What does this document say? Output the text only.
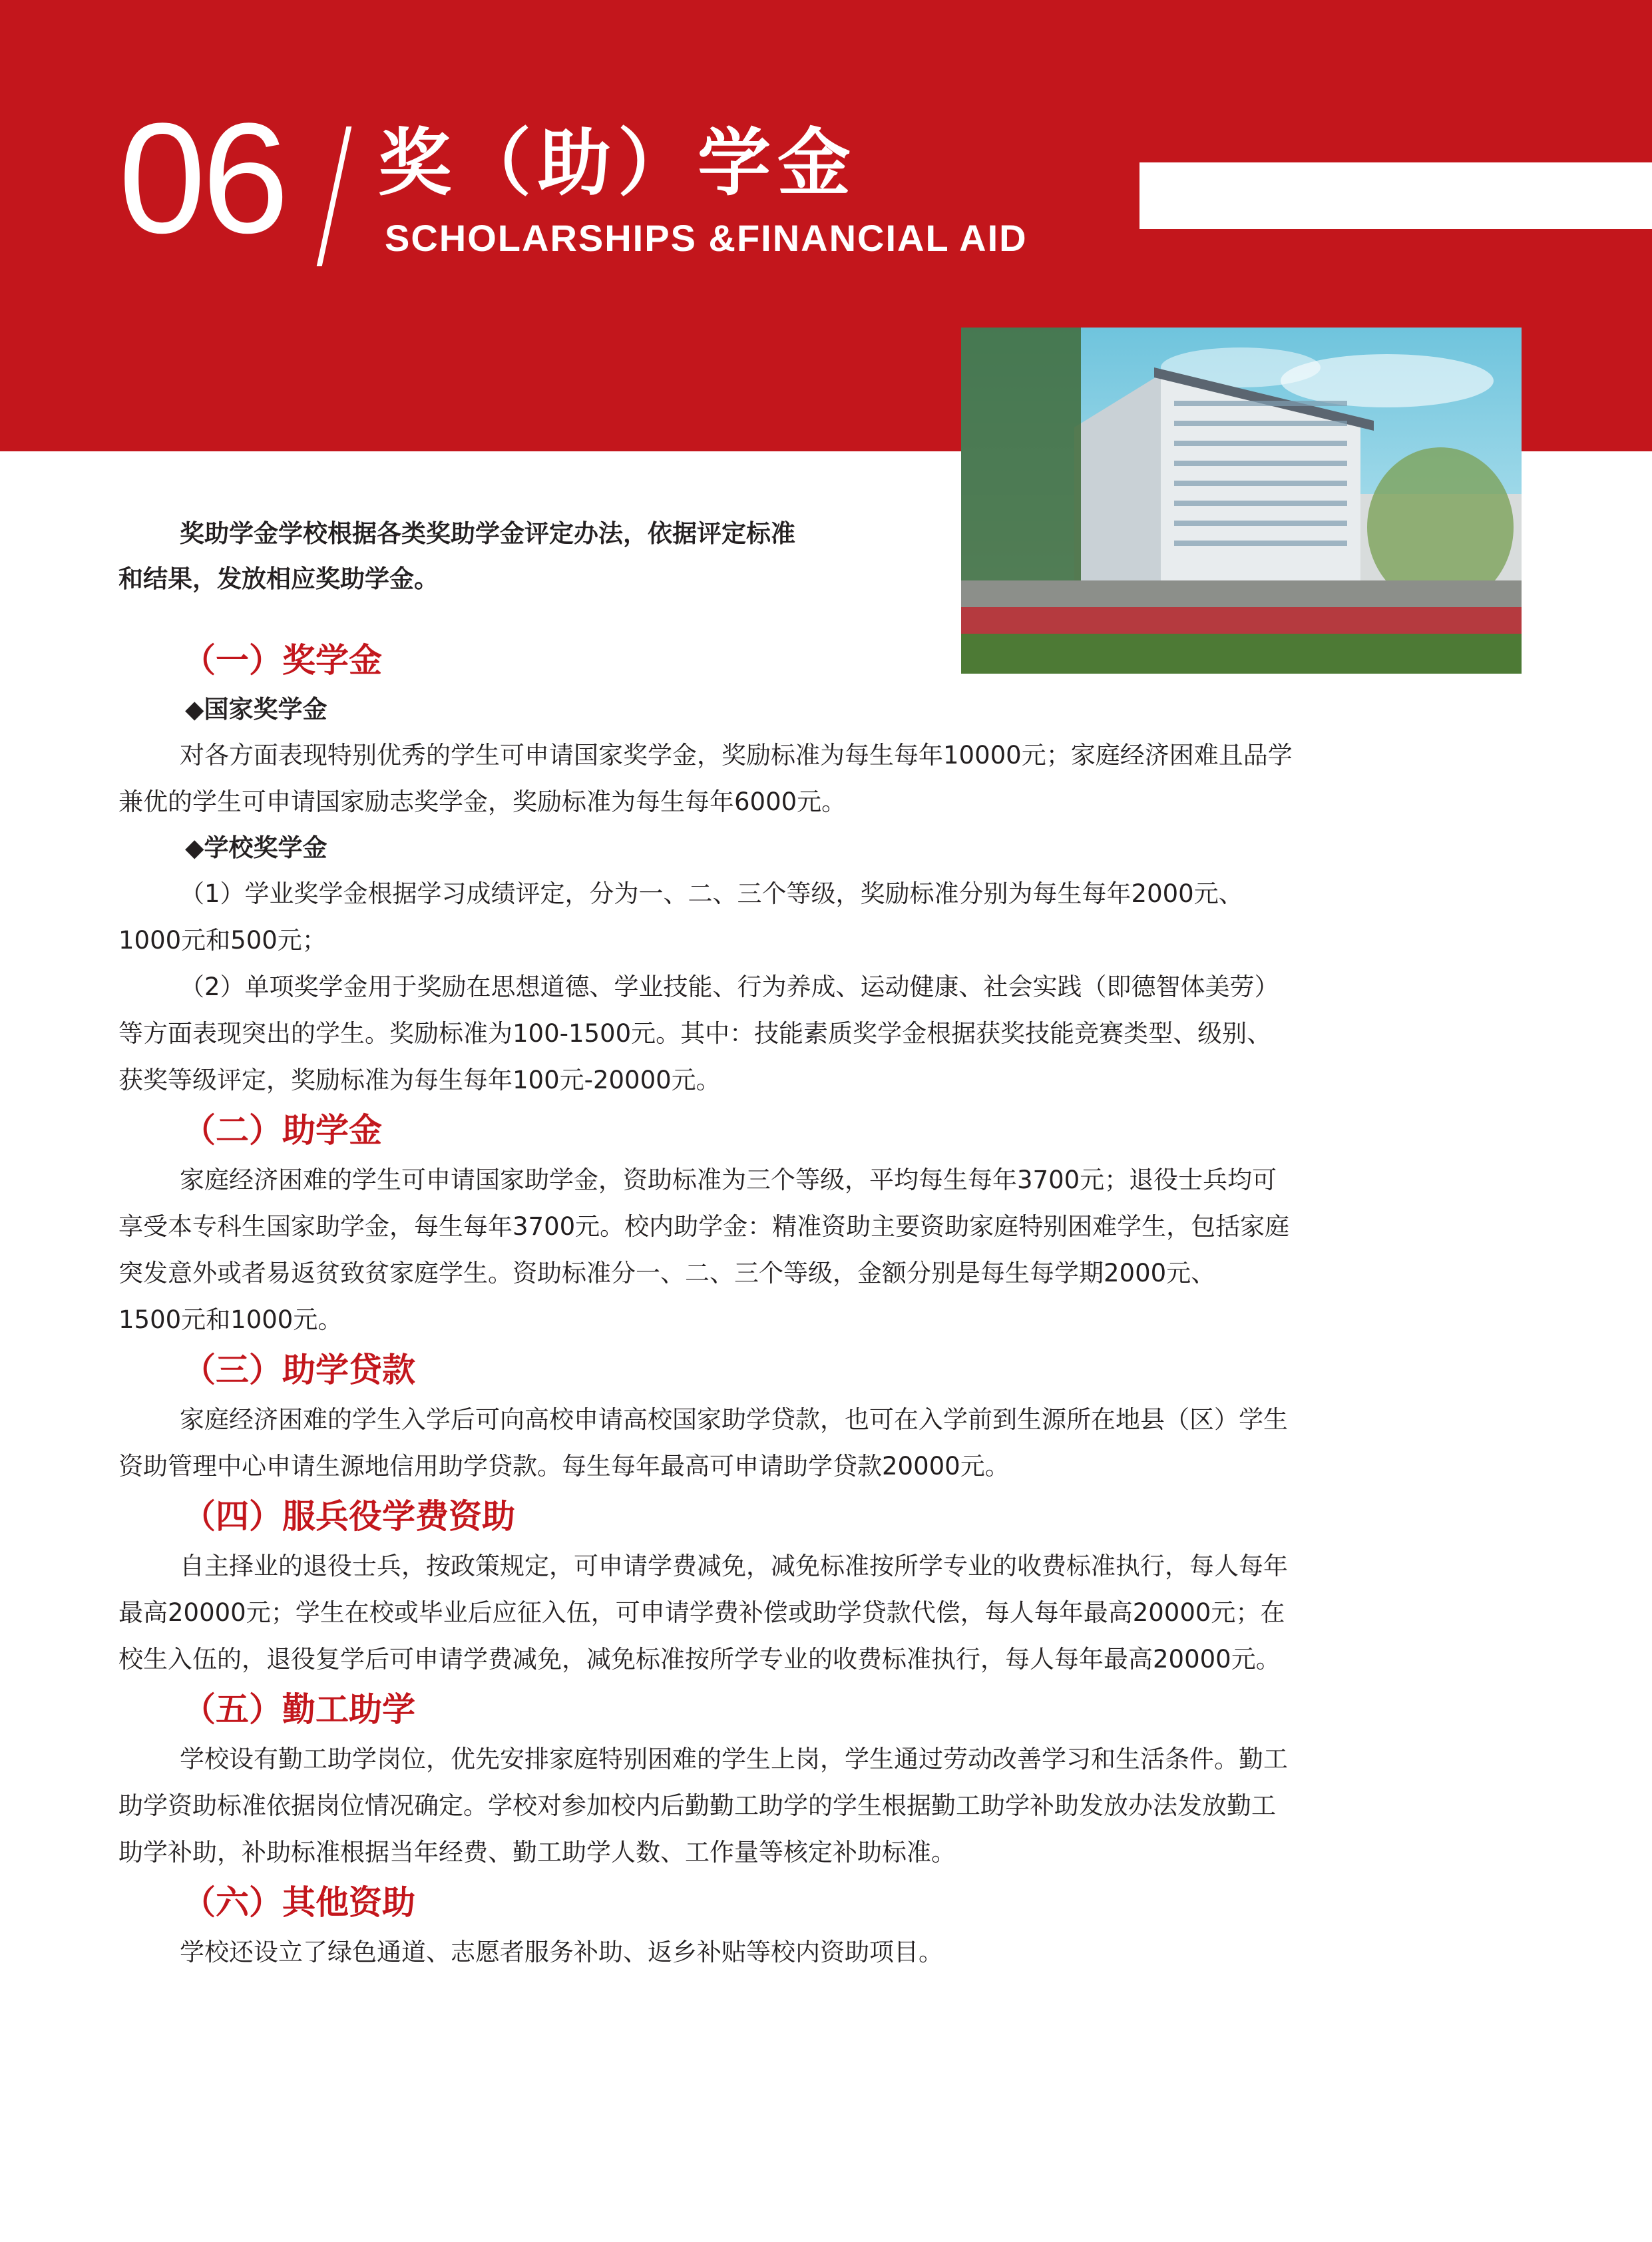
06 奖（助）学金
SCHOLARSHIPS &FINANCIAL AID

奖助学金学校根据各类奖助学金评定办法，依据评定标准

和结果，发放相应奖助学金。

（一）奖学金
◆国家奖学金

对各方面表现特别优秀的学生可申请国家奖学金，奖励标准为每生每年10000元；家庭经济困难且品学
兼优的学生可申请国家励志奖学金，奖励标准为每生每年6000元。

◆学校奖学金

（1）学业奖学金根据学习成绩评定，分为一、二、三个等级，奖励标准分别为每生每年2000元、
1000元和500元；

（2）单项奖学金用于奖励在思想道德、学业技能、行为养成、运动健康、社会实践（即德智体美劳）
等方面表现突出的学生。奖励标准为100-1500元。其中：技能素质奖学金根据获奖技能竞赛类型、级别、
获奖等级评定，奖励标准为每生每年100元-20000元。

（二）助学金

家庭经济困难的学生可申请国家助学金，资助标准为三个等级，平均每生每年3700元；退役士兵均可
享受本专科生国家助学金，每生每年3700元。校内助学金：精准资助主要资助家庭特别困难学生，包括家庭
突发意外或者易返贫致贫家庭学生。资助标准分一、二、三个等级，金额分别是每生每学期2000元、
1500元和1000元。

（三）助学贷款

家庭经济困难的学生入学后可向高校申请高校国家助学贷款，也可在入学前到生源所在地县（区）学生
资助管理中心申请生源地信用助学贷款。每生每年最高可申请助学贷款20000元。

（四）服兵役学费资助

自主择业的退役士兵，按政策规定，可申请学费减免，减免标准按所学专业的收费标准执行，每人每年
最高20000元；学生在校或毕业后应征入伍，可申请学费补偿或助学贷款代偿，每人每年最高20000元；在
校生入伍的，退役复学后可申请学费减免，减免标准按所学专业的收费标准执行，每人每年最高20000元。

（五）勤工助学

学校设有勤工助学岗位，优先安排家庭特别困难的学生上岗，学生通过劳动改善学习和生活条件。勤工
助学资助标准依据岗位情况确定。学校对参加校内后勤勤工助学的学生根据勤工助学补助发放办法发放勤工
助学补助，补助标准根据当年经费、勤工助学人数、工作量等核定补助标准。

（六）其他资助

学校还设立了绿色通道、志愿者服务补助、返乡补贴等校内资助项目。
